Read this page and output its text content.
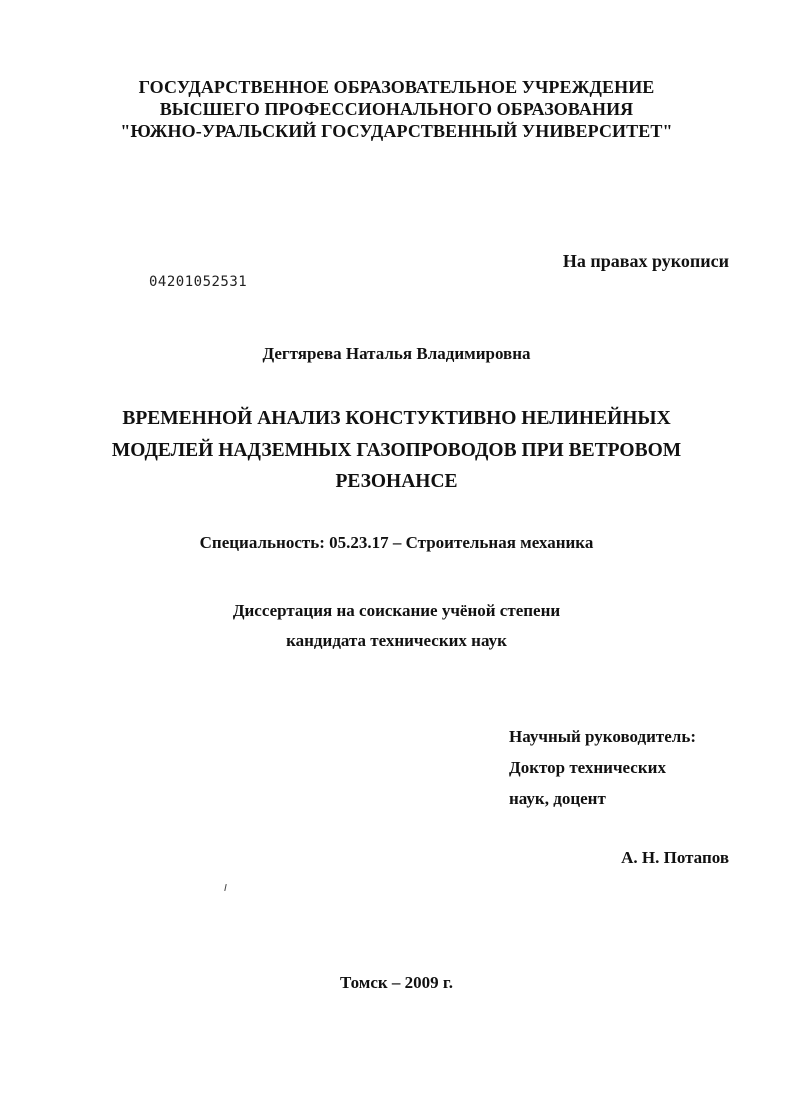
ГОСУДАРСТВЕННОЕ ОБРАЗОВАТЕЛЬНОЕ УЧРЕЖДЕНИЕ
ВЫСШЕГО ПРОФЕССИОНАЛЬНОГО ОБРАЗОВАНИЯ
"ЮЖНО-УРАЛЬСКИЙ ГОСУДАРСТВЕННЫЙ УНИВЕРСИТЕТ"
На правах рукописи
04201052531
Дегтярева Наталья Владимировна
ВРЕМЕННОЙ АНАЛИЗ КОНСТУКТИВНО НЕЛИНЕЙНЫХ
МОДЕЛЕЙ НАДЗЕМНЫХ ГАЗОПРОВОДОВ ПРИ ВЕТРОВОМ
РЕЗОНАНСЕ
Специальность: 05.23.17 – Строительная механика
Диссертация на соискание учёной степени
кандидата технических наук
Научный руководитель:
Доктор технических
наук, доцент
А. Н. Потапов
Томск – 2009 г.
